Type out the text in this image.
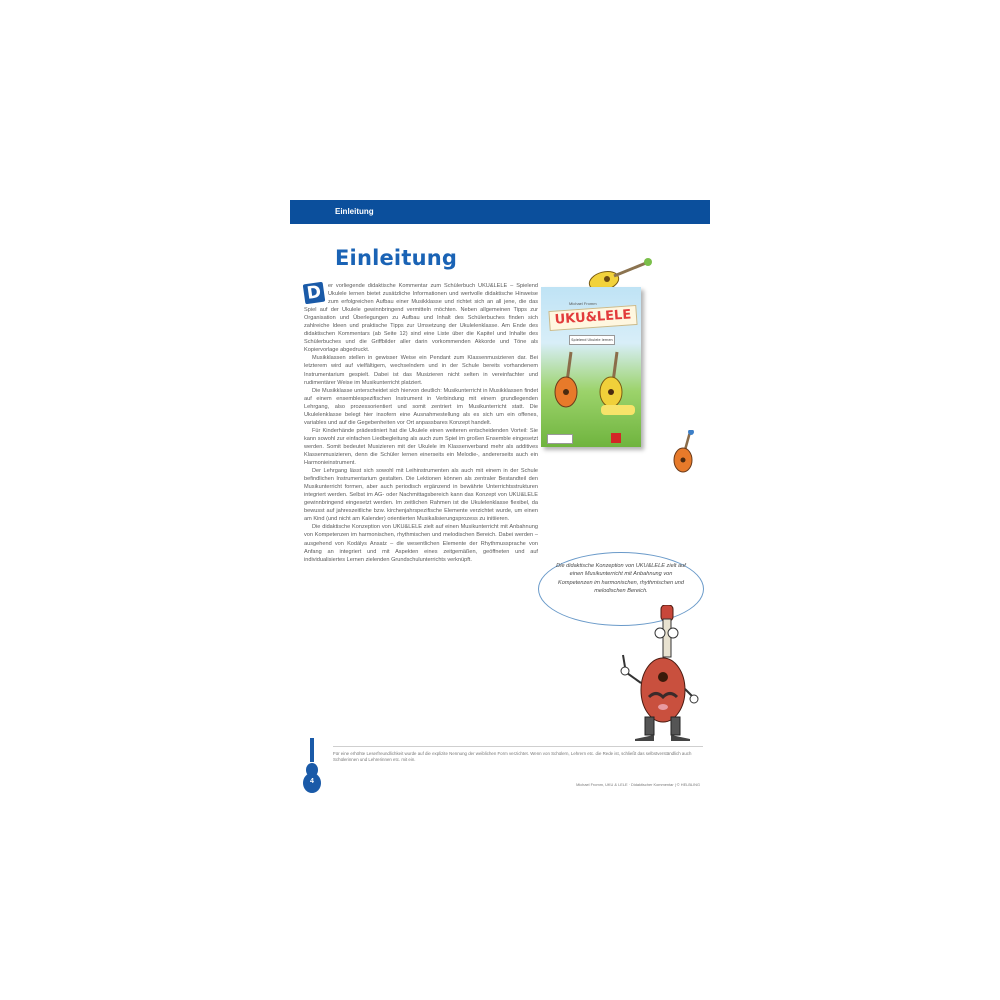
Einleitung
Einleitung

D	er vorliegende didaktische Kommentar zum Schülerbuch UKU&LELE – Spielend Ukulele lernen bietet zusätzliche Informationen und wertvolle didaktische Hinweise zum erfolgreichen Aufbau einer Musikklasse und richtet sich an all jene, die das Spiel auf der Ukulele gewinnbringend vermitteln möchten. Neben allgemeinen Tipps zur Organisation und Überlegungen zu Aufbau und Inhalt des Schülerbuches finden sich zahlreiche Ideen und praktische Tipps zur Umsetzung der Ukulelenklasse. Am Ende des didaktischen Kommentars (ab Seite 12) sind eine Liste über die Kapitel und Inhalte des Schülerbuches und die Griffbilder aller darin vorkommenden Akkorde und Töne als Kopiervorlage abgedruckt.

Musikklassen stellen in gewisser Weise ein Pendant zum Klassenmusizieren dar. Bei letzterem wird auf vielfältigem, wechselndem und in der Schule bereits vorhandenem Instrumentarium gespielt. Dabei ist das Musizieren nicht selten in vereinfachter und rudimentärer Weise im Musikunterricht platziert.

Die Musikklasse unterscheidet sich hiervon deutlich: Musikunterricht in Musikklassen findet auf einem ensemblespezifischen Instrument in Verbindung mit einem grundlegenden Lehrgang, also prozessorientiert und somit zentriert im Musikunterricht statt. Die Ukulelenklasse belegt hier insofern eine Ausnahmestellung als es sich um ein offenes, variables und auf die Gegebenheiten vor Ort anpassbares Konzept handelt.

Für Kinderhände prädestiniert hat die Ukulele einen weiteren entscheidenden Vorteil: Sie kann sowohl zur einfachen Liedbegleitung als auch zum Spiel im großen Ensemble eingesetzt werden. Somit bedeutet Musizieren mit der Ukulele im Klassenverband mehr als additives Klassenmusizieren, denn die Schüler lernen einerseits ein Melodie-, andererseits auch ein Harmonieinstrument.

Der Lehrgang lässt sich sowohl mit Leihinstrumenten als auch mit einem in der Schule befindlichen Instrumentarium gestalten. Die Lektionen können als zentraler Bestandteil den Musikunterricht formen, aber auch periodisch ergänzend in bewährte Unterrichtsstrukturen integriert werden. Selbst im AG- oder Nachmittagsbereich kann das Konzept von UKU&LELE gewinnbringend eingesetzt werden. Im zeitlichen Rahmen ist die Ukulelenklasse flexibel, da bewusst auf jahreszeitliche bzw. kirchenjahrspezifische Elemente verzichtet wurde, um einen am Kind (und nicht am Kalender) orientierten Musikalisierungsprozess zu initiieren.

Die didaktische Konzeption von UKU&LELE zielt auf einen Musikunterricht mit Anbahnung von Kompetenzen im harmonischen, rhythmischen und melodischen Bereich. Dabei werden – ausgehend von Kodálys Ansatz – die wesentlichen Elemente der Rhythmussprache von Anfang an integriert und mit Aspekten eines zeitgemäßen, geöffneten und auf individualisiertes Lernen zielenden Grundschulunterrichts verknüpft.

Michael Fromm
UKU&LELE
Spielend Ukulele lernen
Die didaktische Konzeption von UKU&LELE zielt auf einen Musikunterricht mit Anbahnung von Kompetenzen im harmonischen, rhythmischen und melodischen Bereich.
Für eine erhöhte Leserfreundlichkeit wurde auf die explizite Nennung der weiblichen Form verzichtet. Wenn von Schülern, Lehrern etc. die Rede ist, schließt das selbstverständlich auch Schülerinnen und Lehrerinnen etc. mit ein.
Michael Fromm, UKU & LELE · Didaktischer Kommentar | © HELBLING
4
